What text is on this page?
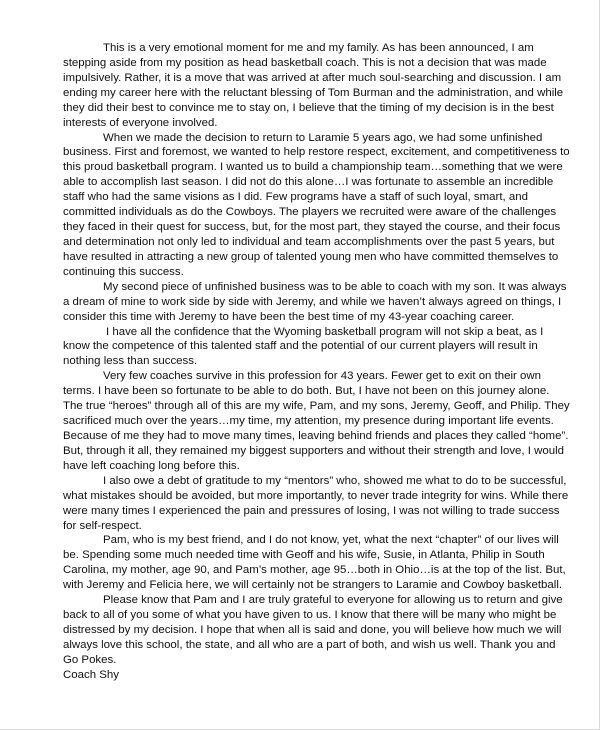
This is a very emotional moment for me and my family. As has been announced, I am stepping aside from my position as head basketball coach. This is not a decision that was made impulsively. Rather, it is a move that was arrived at after much soul-searching and discussion. I am ending my career here with the reluctant blessing of Tom Burman and the administration, and while they did their best to convince me to stay on, I believe that the timing of my decision is in the best interests of everyone involved.

When we made the decision to return to Laramie 5 years ago, we had some unfinished business. First and foremost, we wanted to help restore respect, excitement, and competitiveness to this proud basketball program. I wanted us to build a championship team…something that we were able to accomplish last season. I did not do this alone…I was fortunate to assemble an incredible staff who had the same visions as I did. Few programs have a staff of such loyal, smart, and committed individuals as do the Cowboys. The players we recruited were aware of the challenges they faced in their quest for success, but, for the most part, they stayed the course, and their focus and determination not only led to individual and team accomplishments over the past 5 years, but have resulted in attracting a new group of talented young men who have committed themselves to continuing this success.

My second piece of unfinished business was to be able to coach with my son. It was always a dream of mine to work side by side with Jeremy, and while we haven’t always agreed on things, I consider this time with Jeremy to have been the best time of my 43-year coaching career.

I have all the confidence that the Wyoming basketball program will not skip a beat, as I know the competence of this talented staff and the potential of our current players will result in nothing less than success.

Very few coaches survive in this profession for 43 years. Fewer get to exit on their own terms. I have been so fortunate to be able to do both. But, I have not been on this journey alone. The true “heroes” through all of this are my wife, Pam, and my sons, Jeremy, Geoff, and Philip. They sacrificed much over the years…my time, my attention, my presence during important life events. Because of me they had to move many times, leaving behind friends and places they called “home”. But, through it all, they remained my biggest supporters and without their strength and love, I would have left coaching long before this.

I also owe a debt of gratitude to my “mentors” who, showed me what to do to be successful, what mistakes should be avoided, but more importantly, to never trade integrity for wins. While there were many times I experienced the pain and pressures of losing, I was not willing to trade success for self-respect.

Pam, who is my best friend, and I do not know, yet, what the next “chapter” of our lives will be. Spending some much needed time with Geoff and his wife, Susie, in Atlanta, Philip in South Carolina, my mother, age 90, and Pam’s mother, age 95…both in Ohio…is at the top of the list. But, with Jeremy and Felicia here, we will certainly not be strangers to Laramie and Cowboy basketball.

Please know that Pam and I are truly grateful to everyone for allowing us to return and give back to all of you some of what you have given to us. I know that there will be many who might be distressed by my decision. I hope that when all is said and done, you will believe how much we will always love this school, the state, and all who are a part of both, and wish us well. Thank you and Go Pokes.

Coach Shy
